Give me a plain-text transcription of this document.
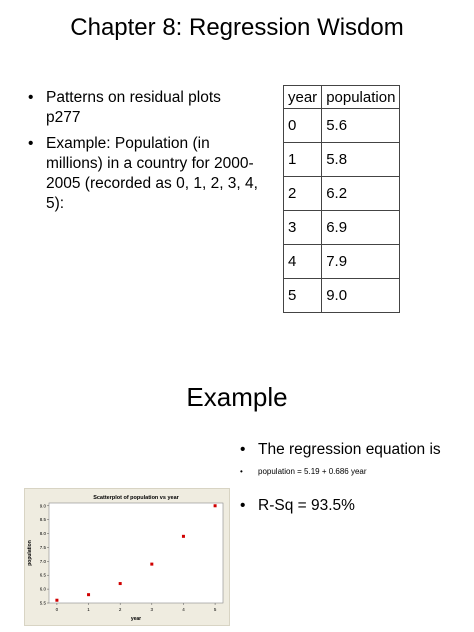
Chapter 8: Regression Wisdom
• Patterns on residual plots p277
• Example: Population (in millions) in a country for 2000-2005 (recorded as 0, 1, 2, 3, 4, 5):
year	population
0	5.6
1	5.8
2	6.2
3	6.9
4	7.9
5	9.0
Example
• The regression equation is
• population = 5.19 + 0.686 year
• R-Sq = 93.5%
Scatterplot of population vs year
year
population
0	1	2	3	4	5
5.5
6.0
6.5
7.0
7.5
8.0
8.5
9.0
